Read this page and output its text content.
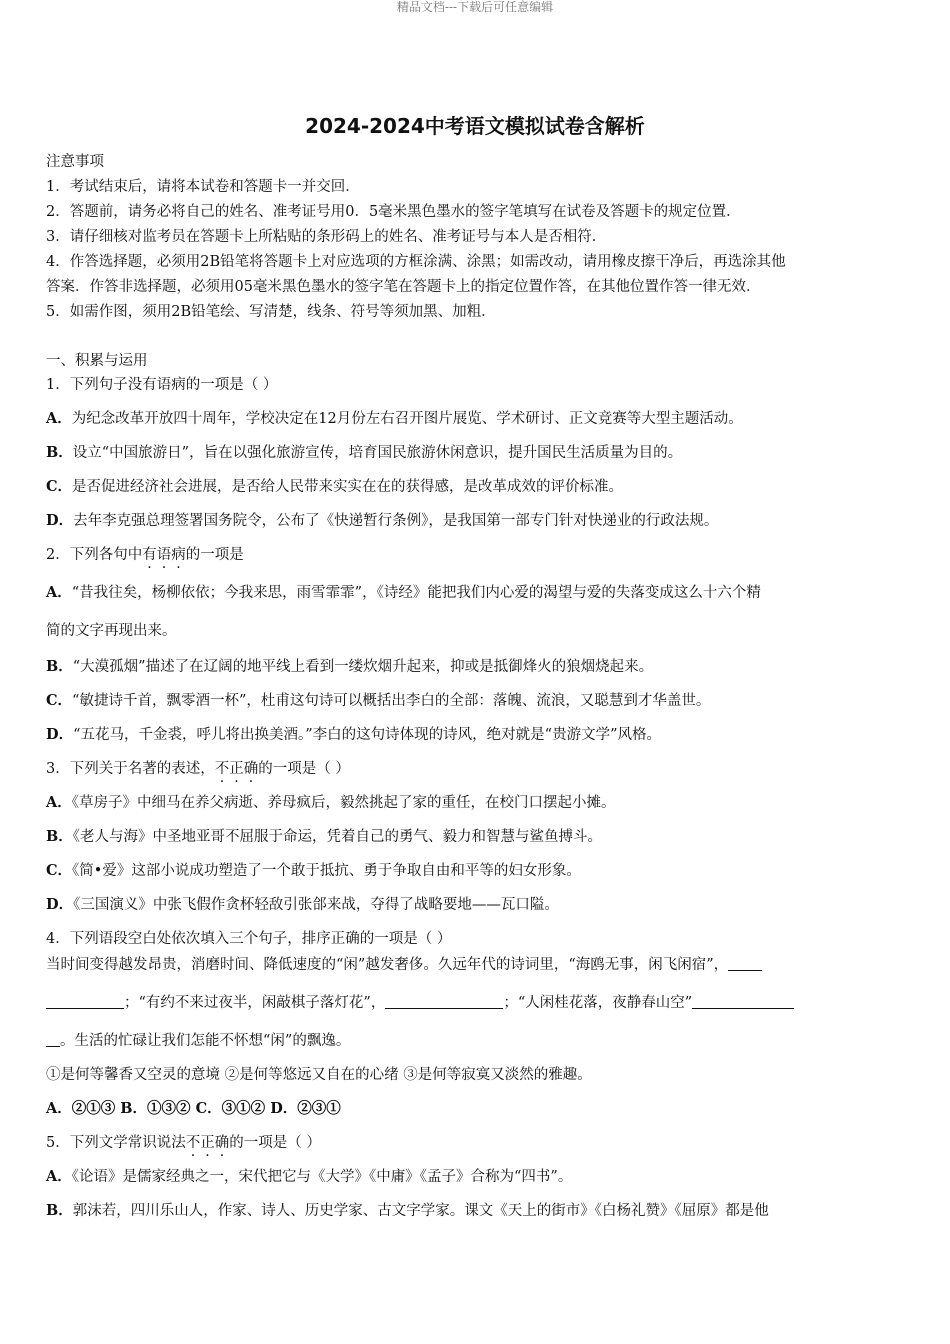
精品文档---下载后可任意编辑
2024-2024中考语文模拟试卷含解析

注意事项

1．考试结束后，请将本试卷和答题卡一并交回．

2．答题前，请务必将自己的姓名、准考证号用0．5毫米黑色墨水的签字笔填写在试卷及答题卡的规定位置．

3．请仔细核对监考员在答题卡上所粘贴的条形码上的姓名、准考证号与本人是否相符．

4．作答选择题，必须用2B铅笔将答题卡上对应选项的方框涂满、涂黑；如需改动，请用橡皮擦干净后，再选涂其他

答案．作答非选择题，必须用05毫米黑色墨水的签字笔在答题卡上的指定位置作答，在其他位置作答一律无效．

5．如需作图，须用2B铅笔绘、写清楚，线条、符号等须加黑、加粗．

一、积累与运用

1．下列句子没有语病的一项是（ ）

A．为纪念改革开放四十周年，学校决定在12月份左右召开图片展览、学术研讨、正文竞赛等大型主题活动。

B．设立“中国旅游日”，旨在以强化旅游宣传，培育国民旅游休闲意识，提升国民生活质量为目的。

C．是否促进经济社会进展，是否给人民带来实实在在的获得感，是改革成效的评价标准。

D．去年李克强总理签署国务院令，公布了《快递暂行条例》，是我国第一部专门针对快递业的行政法规。

2．下列各句中有语病的一项是

A．“昔我往矣，杨柳依依；今我来思，雨雪霏霏”，《诗经》能把我们内心爱的渴望与爱的失落变成这么十六个精

简的文字再现出来。

B．“大漠孤烟”描述了在辽阔的地平线上看到一缕炊烟升起来，抑或是抵御烽火的狼烟烧起来。

C．“敏捷诗千首，飘零酒一杯”，杜甫这句诗可以概括出李白的全部：落魄、流浪，又聪慧到才华盖世。

D．“五花马，千金裘，呼儿将出换美酒。”李白的这句诗体现的诗风，绝对就是“贵游文学”风格。

3．下列关于名著的表述，不正确的一项是（ ）

A．《草房子》中细马在养父病逝、养母疯后，毅然挑起了家的重任，在校门口摆起小摊。

B．《老人与海》中圣地亚哥不屈服于命运，凭着自己的勇气、毅力和智慧与鲨鱼搏斗。

C．《简•爱》这部小说成功塑造了一个敢于抵抗、勇于争取自由和平等的妇女形象。

D．《三国演义》中张飞假作贪杯轻敌引张郃来战，夺得了战略要地——瓦口隘。

4．下列语段空白处依次填入三个句子，排序正确的一项是（ ）

当时间变得越发昂贵，消磨时间、降低速度的“闲”越发奢侈。久远年代的诗词里，“海鸥无事，闲飞闲宿”，

；“有约不来过夜半，闲敲棋子落灯花”，	；“人闲桂花落，夜静春山空”

。生活的忙碌让我们怎能不怀想“闲”的飘逸。

①是何等馨香又空灵的意境 ②是何等悠远又自在的心绪 ③是何等寂寞又淡然的雅趣。

A．②①③ B．①③② C．③①② D．②③①

5．下列文学常识说法不正确的一项是（ ）

A．《论语》是儒家经典之一，宋代把它与《大学》《中庸》《孟子》合称为“四书”。

B．郭沫若，四川乐山人，作家、诗人、历史学家、古文字学家。课文《天上的街市》《白杨礼赞》《屈原》都是他
